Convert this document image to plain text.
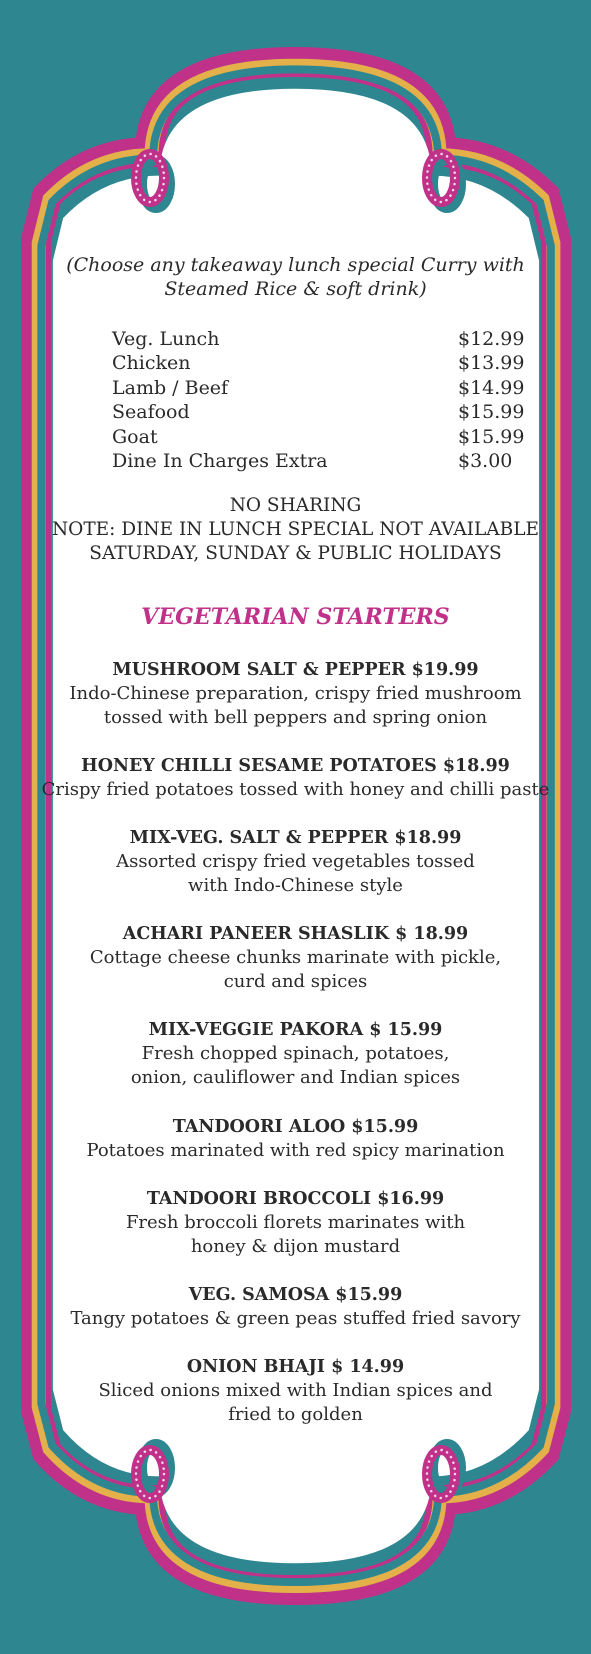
(Choose any takeaway lunch special Curry with
Steamed Rice & soft drink)
Veg. Lunch	$12.99
Chicken	$13.99
Lamb / Beef	$14.99
Seafood	$15.99
Goat	$15.99
Dine In Charges Extra	$3.00
NO SHARING
NOTE: DINE IN LUNCH SPECIAL NOT AVAILABLE
SATURDAY, SUNDAY & PUBLIC HOLIDAYS
VEGETARIAN STARTERS
MUSHROOM SALT & PEPPER $19.99
Indo-Chinese preparation, crispy fried mushroom
tossed with bell peppers and spring onion
HONEY CHILLI SESAME POTATOES $18.99
Crispy fried potatoes tossed with honey and chilli paste
MIX-VEG. SALT & PEPPER $18.99
Assorted crispy fried vegetables tossed
with Indo-Chinese style
ACHARI PANEER SHASLIK $ 18.99
Cottage cheese chunks marinate with pickle,
curd and spices
MIX-VEGGIE PAKORA $ 15.99
Fresh chopped spinach, potatoes,
onion, cauliflower and Indian spices
TANDOORI ALOO $15.99
Potatoes marinated with red spicy marination
TANDOORI BROCCOLI $16.99
Fresh broccoli florets marinates with
honey & dijon mustard
VEG. SAMOSA $15.99
Tangy potatoes & green peas stuffed fried savory
ONION BHAJI $ 14.99
Sliced onions mixed with Indian spices and
fried to golden
